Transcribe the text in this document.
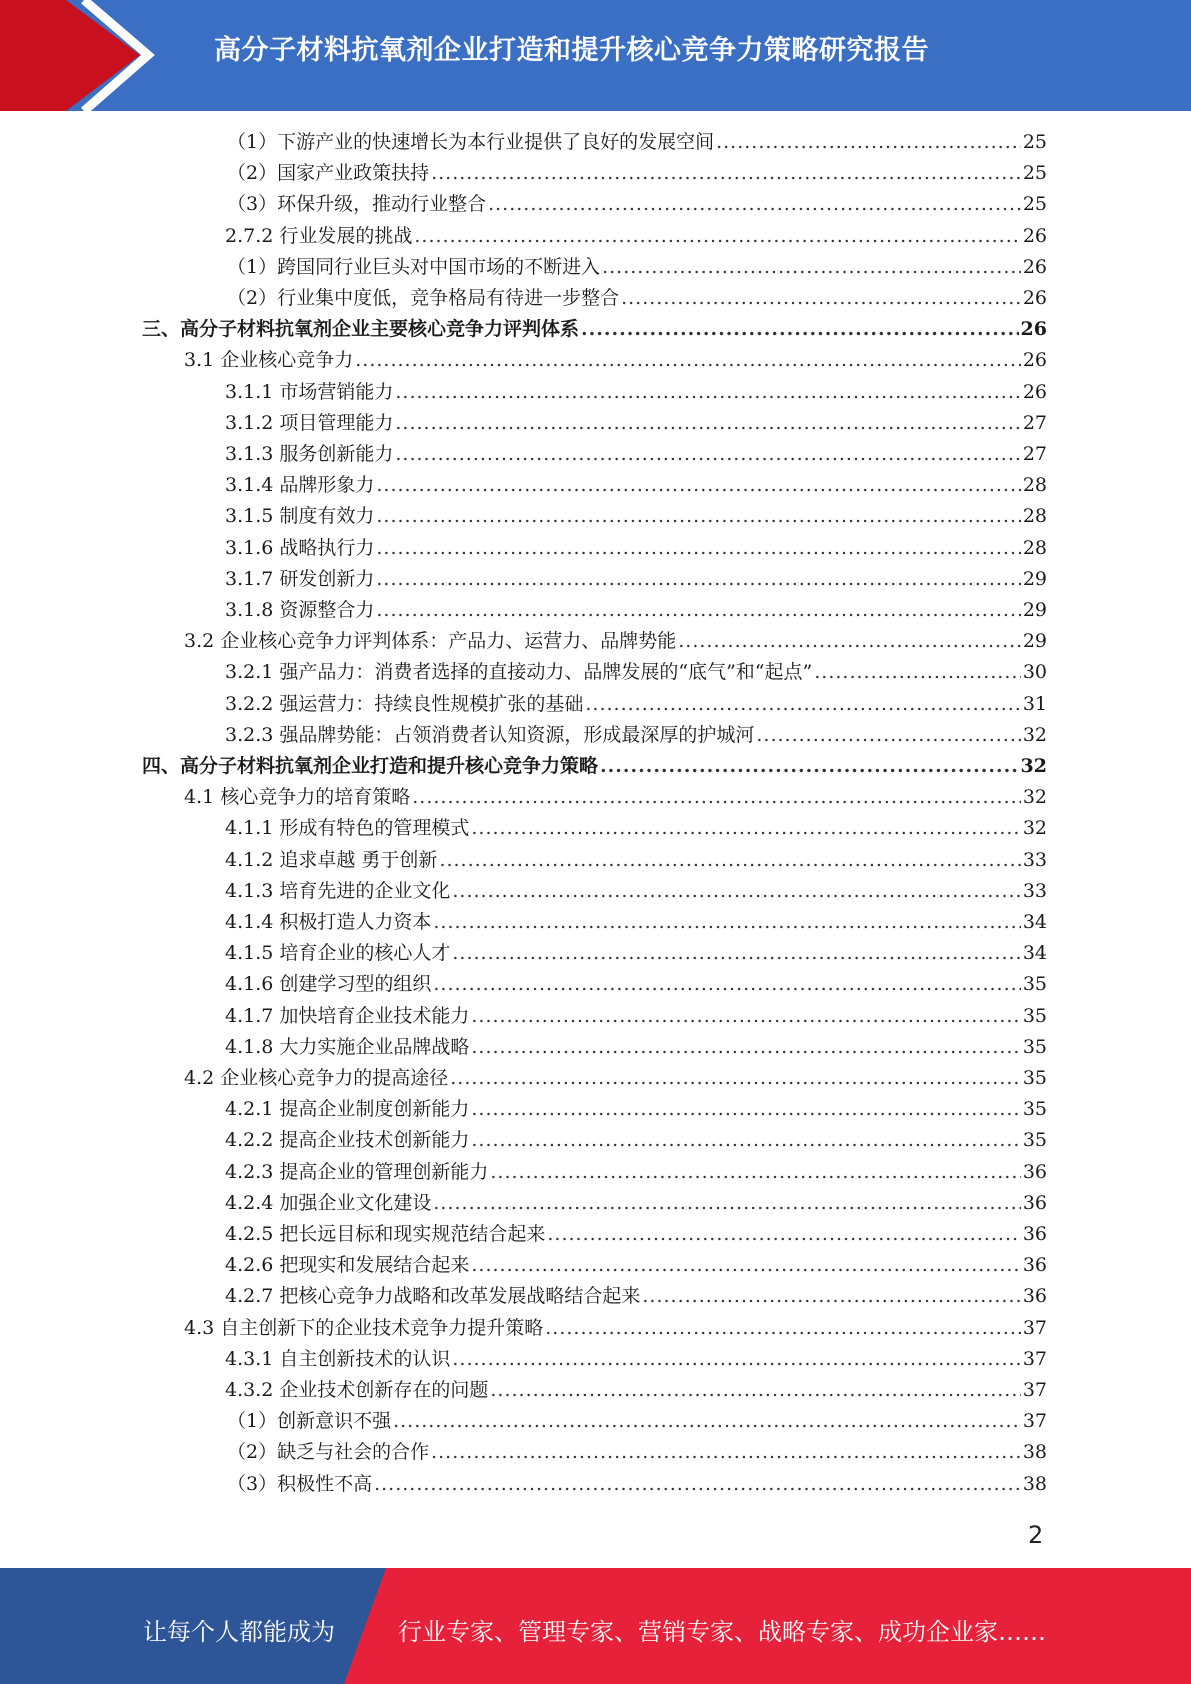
高分子材料抗氧剂企业打造和提升核心竞争力策略研究报告
（1）下游产业的快速增长为本行业提供了良好的发展空间 .....	25
（2）国家产业政策扶持 .....	25
（3）环保升级，推动行业整合 .....	25
2.7.2 行业发展的挑战 .....	26
（1）跨国同行业巨头对中国市场的不断进入 .....	26
（2）行业集中度低，竞争格局有待进一步整合 .....	26
三、高分子材料抗氧剂企业主要核心竞争力评判体系 .....	26
3.1 企业核心竞争力 .....	26
3.1.1 市场营销能力 .....	26
3.1.2 项目管理能力 .....	27
3.1.3 服务创新能力 .....	27
3.1.4 品牌形象力 .....	28
3.1.5 制度有效力 .....	28
3.1.6 战略执行力 .....	28
3.1.7 研发创新力 .....	29
3.1.8 资源整合力 .....	29
3.2 企业核心竞争力评判体系：产品力、运营力、品牌势能 .....	29
3.2.1 强产品力：消费者选择的直接动力、品牌发展的“底气”和“起点” .....	30
3.2.2 强运营力：持续良性规模扩张的基础 .....	31
3.2.3 强品牌势能：占领消费者认知资源，形成最深厚的护城河 .....	32
四、高分子材料抗氧剂企业打造和提升核心竞争力策略 .....	32
4.1 核心竞争力的培育策略 .....	32
4.1.1 形成有特色的管理模式 .....	32
4.1.2 追求卓越 勇于创新 .....	33
4.1.3 培育先进的企业文化 .....	33
4.1.4 积极打造人力资本 .....	34
4.1.5 培育企业的核心人才 .....	34
4.1.6 创建学习型的组织 .....	35
4.1.7 加快培育企业技术能力 .....	35
4.1.8 大力实施企业品牌战略 .....	35
4.2 企业核心竞争力的提高途径 .....	35
4.2.1 提高企业制度创新能力 .....	35
4.2.2 提高企业技术创新能力 .....	35
4.2.3 提高企业的管理创新能力 .....	36
4.2.4 加强企业文化建设 .....	36
4.2.5 把长远目标和现实规范结合起来 .....	36
4.2.6 把现实和发展结合起来 .....	36
4.2.7 把核心竞争力战略和改革发展战略结合起来 .....	36
4.3 自主创新下的企业技术竞争力提升策略 .....	37
4.3.1 自主创新技术的认识 .....	37
4.3.2 企业技术创新存在的问题 .....	37
（1）创新意识不强 .....	37
（2）缺乏与社会的合作 .....	38
（3）积极性不高 .....	38
2
让每个人都能成为	行业专家、管理专家、营销专家、战略专家、成功企业家……
